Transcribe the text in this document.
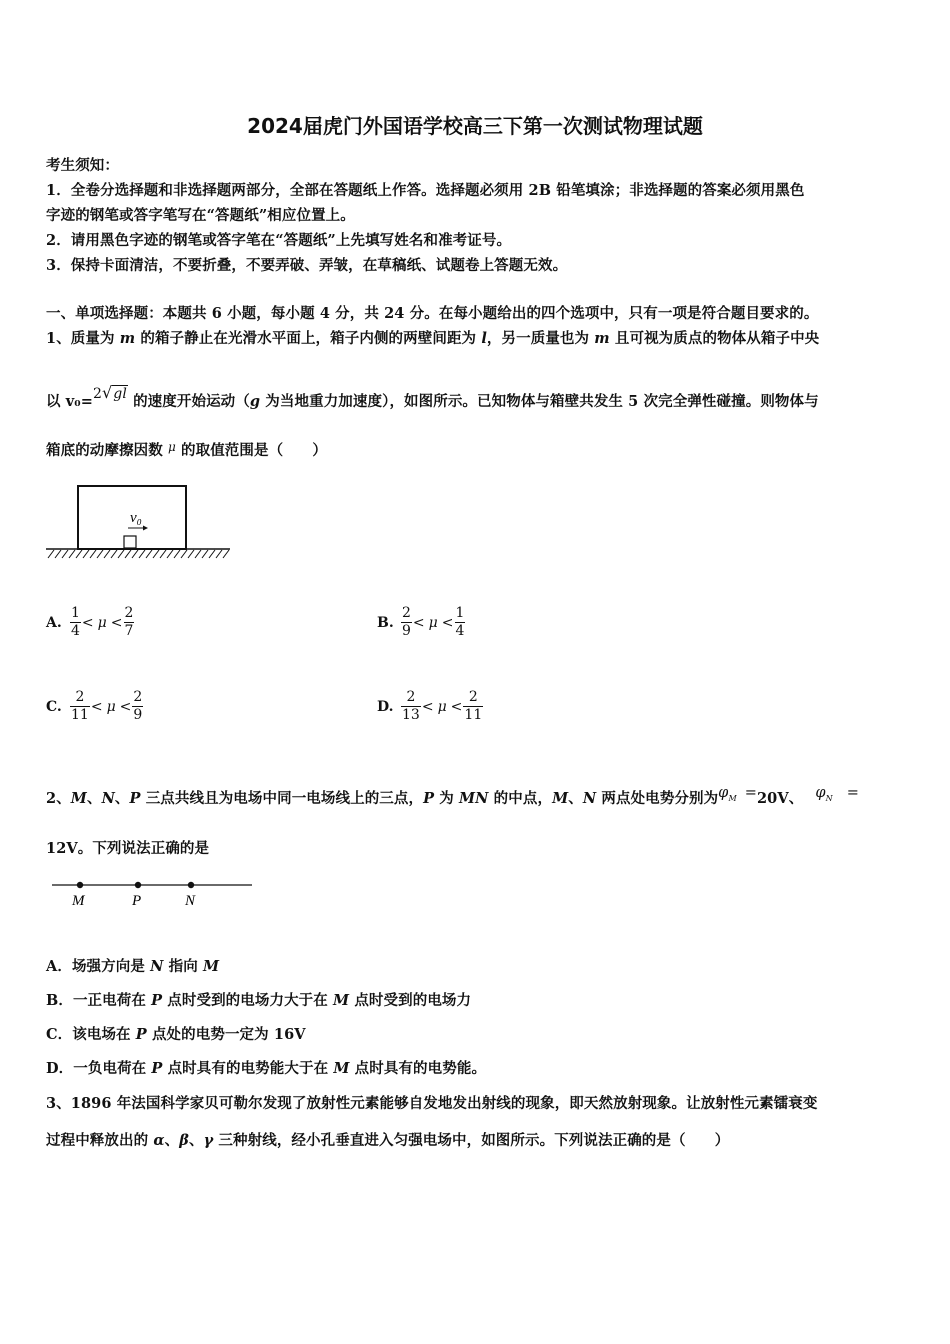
2024届虎门外国语学校高三下第一次测试物理试题
考生须知：
1．全卷分选择题和非选择题两部分，全部在答题纸上作答。选择题必须用 2B 铅笔填涂；非选择题的答案必须用黑色
字迹的钢笔或答字笔写在“答题纸”相应位置上。
2．请用黑色字迹的钢笔或答字笔在“答题纸”上先填写姓名和准考证号。
3．保持卡面清洁，不要折叠，不要弄破、弄皱，在草稿纸、试题卷上答题无效。
一、单项选择题：本题共 6 小题，每小题 4 分，共 24 分。在每小题给出的四个选项中，只有一项是符合题目要求的。
1、质量为 m 的箱子静止在光滑水平面上，箱子内侧的两壁间距为 l，另一质量也为 m 且可视为质点的物体从箱子中央
以 v₀=2√gl 的速度开始运动（g 为当地重力加速度），如图所示。已知物体与箱壁共发生 5 次完全弹性碰撞。则物体与
箱底的动摩擦因数 $^\mu$ 的取值范围是（　　）
v₀
A. $\frac{1}{4} < \mu < \frac{2}{7}$	B. $\frac{2}{9} < \mu < \frac{1}{4}$
C. $\frac{2}{11} < \mu < \frac{2}{9}$	D. $\frac{2}{13} < \mu < \frac{2}{11}$
2、M、N、P 三点共线且为电场中同一电场线上的三点，P 为 MN 的中点，M、N 两点处电势分别为$\varphi_M =20V$、 $\varphi_N$ =
12V。下列说法正确的是
M	P	N
A．场强方向是 N 指向 M
B．一正电荷在 P 点时受到的电场力大于在 M 点时受到的电场力
C．该电场在 P 点处的电势一定为 16V
D．一负电荷在 P 点时具有的电势能大于在 M 点时具有的电势能。
3、1896 年法国科学家贝可勒尔发现了放射性元素能够自发地发出射线的现象，即天然放射现象。让放射性元素镭衰变
过程中释放出的 α、β、γ 三种射线，经小孔垂直进入匀强电场中，如图所示。下列说法正确的是（　　）
